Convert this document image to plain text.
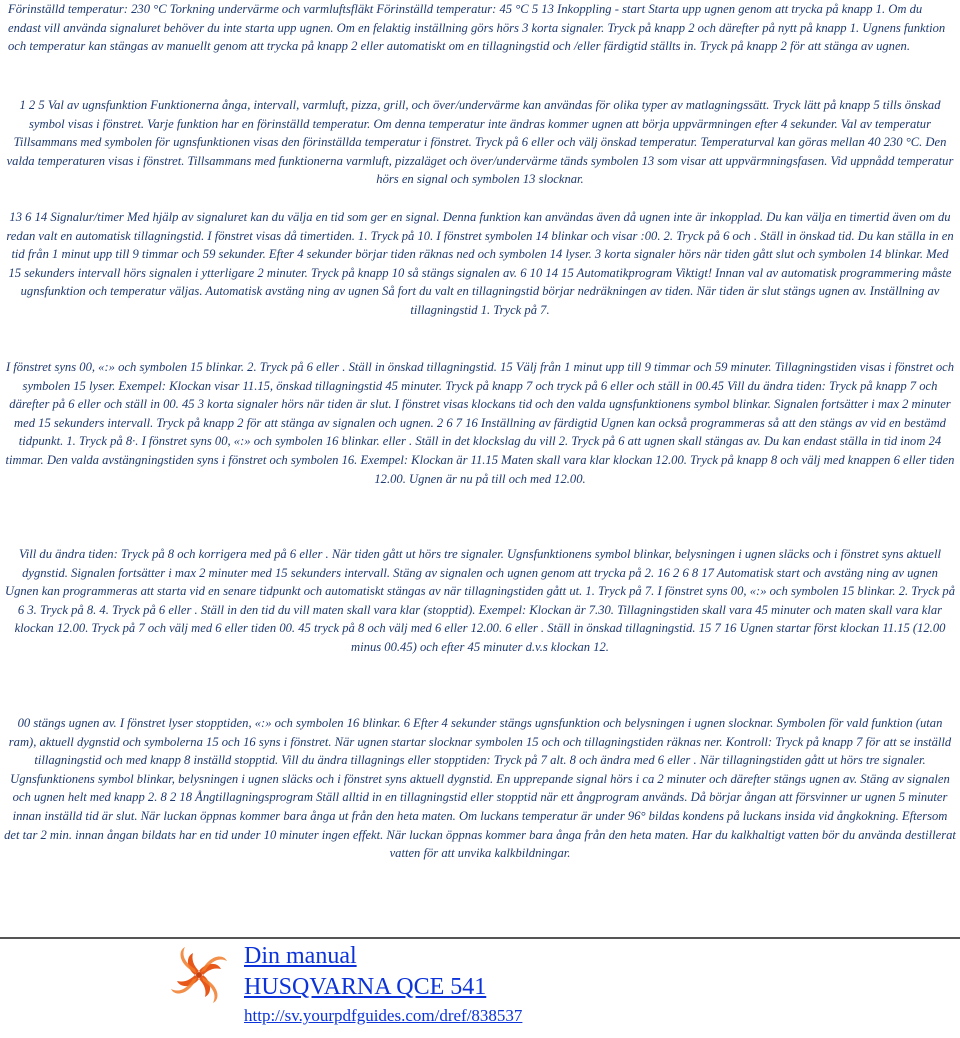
Förinställd temperatur: 230 °C Torkning undervärme och varmluftsfläkt Förinställd temperatur: 45 °C 5 13 Inkoppling - start Starta upp ugnen genom att trycka på knapp 1. Om du endast vill använda signaluret behöver du inte starta upp ugnen. Om en felaktig inställning görs hörs 3 korta signaler. Tryck på knapp 2 och därefter på nytt på knapp 1. Ugnens funktion och temperatur kan stängas av manuellt genom att trycka på knapp 2 eller automatiskt om en tillagningstid och /eller färdigtid ställts in. Tryck på knapp 2 för att stänga av ugnen.

1 2 5 Val av ugnsfunktion Funktionerna ånga, intervall, varmluft, pizza, grill, och över/undervärme kan användas för olika typer av matlagningssätt. Tryck lätt på knapp 5 tills önskad symbol visas i fönstret. Varje funktion har en förinställd temperatur. Om denna temperatur inte ändras kommer ugnen att börja uppvärmningen efter 4 sekunder. Val av temperatur Tillsammans med symbolen för ugnsfunktionen visas den förinställda temperatur i fönstret. Tryck på 6 eller och välj önskad temperatur. Temperaturval kan göras mellan 40 230 °C. Den valda temperaturen visas i fönstret. Tillsammans med funktionerna varmluft, pizzaläget och över/undervärme tänds symbolen 13 som visar att uppvärmningsfasen. Vid uppnådd temperatur hörs en signal och symbolen 13 slocknar.

13 6 14 Signalur/timer Med hjälp av signaluret kan du välja en tid som ger en signal. Denna funktion kan användas även då ugnen inte är inkopplad. Du kan välja en timertid även om du redan valt en automatisk tillagningstid. I fönstret visas då timertiden. 1. Tryck på 10. I fönstret symbolen 14 blinkar och visar :00. 2. Tryck på 6 och . Ställ in önskad tid. Du kan ställa in en tid från 1 minut upp till 9 timmar och 59 sekunder. Efter 4 sekunder börjar tiden räknas ned och symbolen 14 lyser. 3 korta signaler hörs när tiden gått slut och symbolen 14 blinkar. Med 15 sekunders intervall hörs signalen i ytterligare 2 minuter. Tryck på knapp 10 så stängs signalen av. 6 10 14 15 Automatikprogram Viktigt! Innan val av automatisk programmering måste ugnsfunktion och temperatur väljas. Automatisk avstäng ning av ugnen Så fort du valt en tillagningstid börjar nedräkningen av tiden. När tiden är slut stängs ugnen av. Inställning av tillagningstid 1. Tryck på 7.

I fönstret syns 00, «:» och symbolen 15 blinkar. 2. Tryck på 6 eller . Ställ in önskad tillagningstid. 15 Välj från 1 minut upp till 9 timmar och 59 minuter. Tillagningstiden visas i fönstret och symbolen 15 lyser. Exempel: Klockan visar 11.15, önskad tillagningstid 45 minuter. Tryck på knapp 7 och tryck på 6 eller och ställ in 00.45 Vill du ändra tiden: Tryck på knapp 7 och därefter på 6 eller och ställ in 00. 45 3 korta signaler hörs när tiden är slut. I fönstret visas klockans tid och den valda ugnsfunktionens symbol blinkar. Signalen fortsätter i max 2 minuter med 15 sekunders intervall. Tryck på knapp 2 för att stänga av signalen och ugnen. 2 6 7 16 Inställning av färdigtid Ugnen kan också programmeras så att den stängs av vid en bestämd tidpunkt. 1. Tryck på 8·. I fönstret syns 00, «:» och symbolen 16 blinkar. eller . Ställ in det klockslag du vill 2. Tryck på 6 att ugnen skall stängas av. Du kan endast ställa in tid inom 24 timmar. Den valda avstängningstiden syns i fönstret och symbolen 16. Exempel: Klockan är 11.15 Maten skall vara klar klockan 12.00. Tryck på knapp 8 och välj med knappen 6 eller tiden 12.00. Ugnen är nu på till och med 12.00.

Vill du ändra tiden: Tryck på 8 och korrigera med på 6 eller . När tiden gått ut hörs tre signaler. Ugnsfunktionens symbol blinkar, belysningen i ugnen släcks och i fönstret syns aktuell dygnstid. Signalen fortsätter i max 2 minuter med 15 sekunders intervall. Stäng av signalen och ugnen genom att trycka på 2. 16 2 6 8 17 Automatisk start och avstäng ning av ugnen Ugnen kan programmeras att starta vid en senare tidpunkt och automatiskt stängas av när tillagningstiden gått ut. 1. Tryck på 7. I fönstret syns 00, «:» och symbolen 15 blinkar. 2. Tryck på 6 3. Tryck på 8. 4. Tryck på 6 eller . Ställ in den tid du vill maten skall vara klar (stopptid). Exempel: Klockan är 7.30. Tillagningstiden skall vara 45 minuter och maten skall vara klar klockan 12.00. Tryck på 7 och välj med 6 eller tiden 00. 45 tryck på 8 och välj med 6 eller 12.00. 6 eller . Ställ in önskad tillagningstid. 15 7 16 Ugnen startar först klockan 11.15 (12.00 minus 00.45) och efter 45 minuter d.v.s klockan 12.

00 stängs ugnen av. I fönstret lyser stopptiden, «:» och symbolen 16 blinkar. 6 Efter 4 sekunder stängs ugnsfunktion och belysningen i ugnen slocknar. Symbolen för vald funktion (utan ram), aktuell dygnstid och symbolerna 15 och 16 syns i fönstret. När ugnen startar slocknar symbolen 15 och och tillagningstiden räknas ner. Kontroll: Tryck på knapp 7 för att se inställd tillagningstid och med knapp 8 inställd stopptid. Vill du ändra tillagnings eller stopptiden: Tryck på 7 alt. 8 och ändra med 6 eller . När tillagningstiden gått ut hörs tre signaler. Ugnsfunktionens symbol blinkar, belysningen i ugnen släcks och i fönstret syns aktuell dygnstid. En upprepande signal hörs i ca 2 minuter och därefter stängs ugnen av. Stäng av signalen och ugnen helt med knapp 2. 8 2 18 Ångtillagningsprogram Ställ alltid in en tillagningstid eller stopptid när ett ångprogram används. Då börjar ångan att försvinner ur ugnen 5 minuter innan inställd tid är slut. När luckan öppnas kommer bara ånga ut från den heta maten. Om luckans temperatur är under 96° bildas kondens på luckans insida vid ångkokning. Eftersom det tar 2 min. innan ångan bildats har en tid under 10 minuter ingen effekt. När luckan öppnas kommer bara ånga från den heta maten. Har du kalkhaltigt vatten bör du använda destillerat vatten för att unvika kalkbildningar.

Din manual
HUSQVARNA QCE 541
http://sv.yourpdfguides.com/dref/838537
